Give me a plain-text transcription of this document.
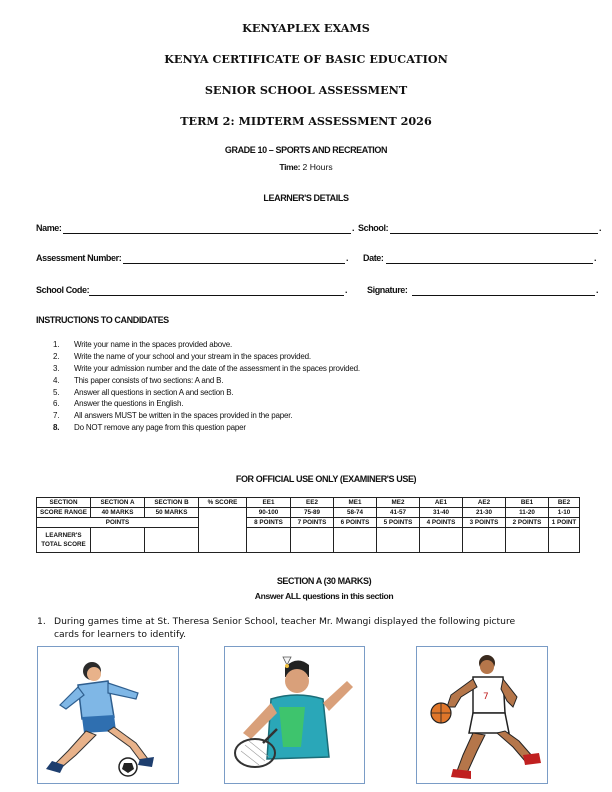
KENYAPLEX EXAMS
KENYA CERTIFICATE OF BASIC EDUCATION
SENIOR SCHOOL ASSESSMENT
TERM 2: MIDTERM ASSESSMENT 2026
GRADE 10 – SPORTS AND RECREATION
Time: 2 Hours
LEARNER'S DETAILS
Name:	. School:	.
Assessment Number:	. Date:	.
School Code:	. Signature:	.
INSTRUCTIONS TO CANDIDATES
1.	Write your name in the spaces provided above.
2.	Write the name of your school and your stream in the spaces provided.
3.	Write your admission number and the date of the assessment in the spaces provided.
4.	This paper consists of two sections: A and B.
5.	Answer all questions in section A and section B.
6.	Answer the questions in English.
7.	All answers MUST be written in the spaces provided in the paper.
8.	Do NOT remove any page from this question paper
FOR OFFICIAL USE ONLY (EXAMINER'S USE)
SECTION	SECTION A	SECTION B	% SCORE	EE1	EE2	ME1	ME2	AE1	AE2	BE1	BE2
SCORE RANGE	40 MARKS	50 MARKS		90-100	75-89	58-74	41-57	31-40	21-30	11-20	1-10
POINTS				8 POINTS	7 POINTS	6 POINTS	5 POINTS	4 POINTS	3 POINTS	2 POINTS	1 POINT
LEARNER'S TOTAL SCORE											
SECTION A (30 MARKS)
Answer ALL questions in this section
1. During games time at St. Theresa Senior School, teacher Mr. Mwangi displayed the following picture
cards for learners to identify.
7
